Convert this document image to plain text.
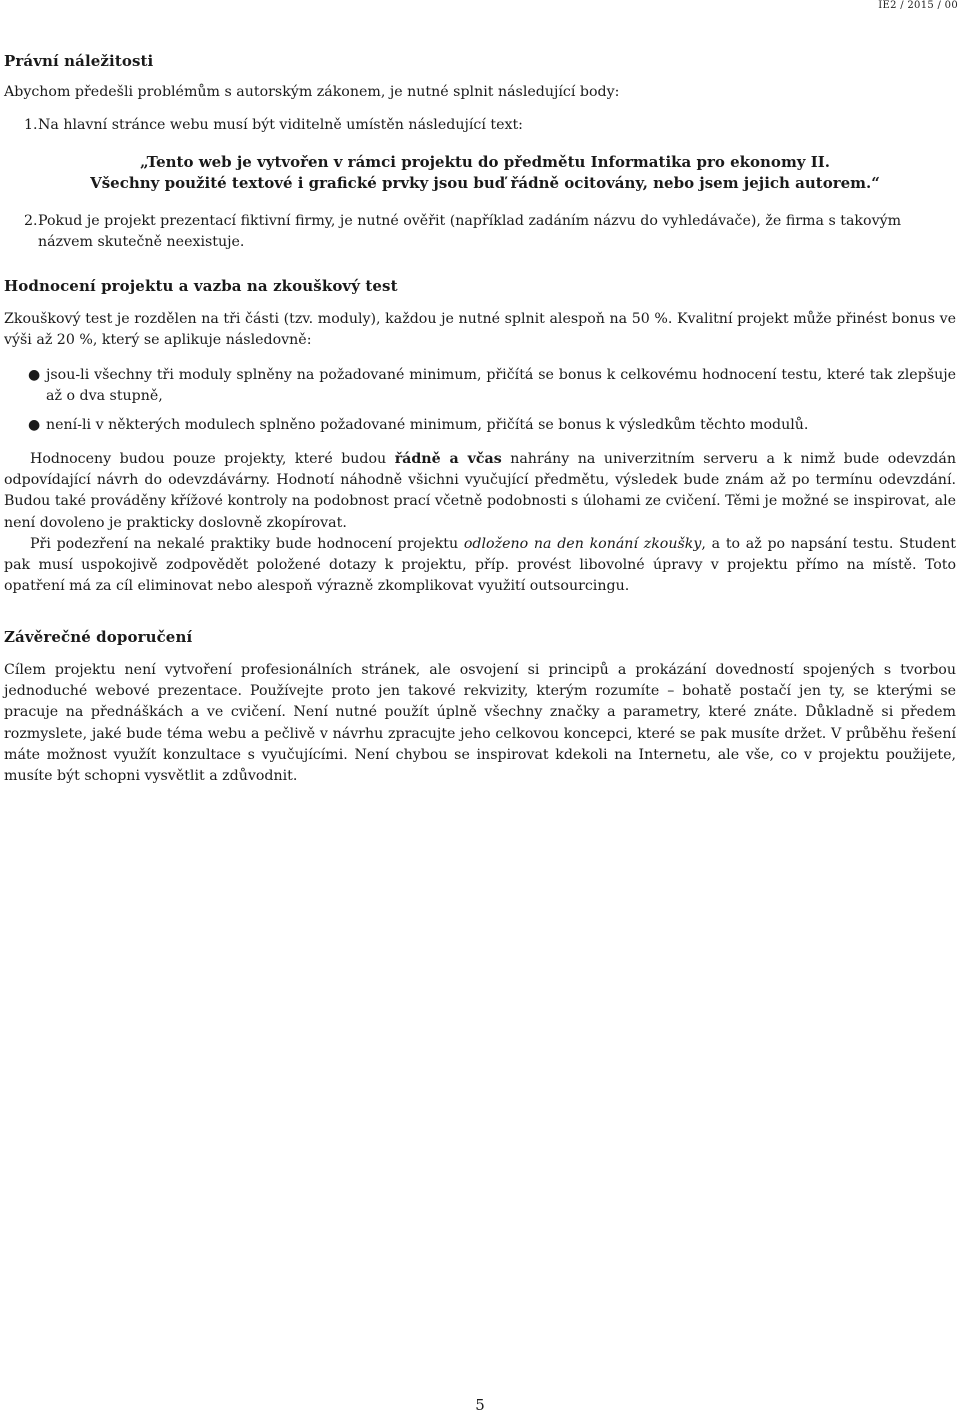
IE2 / 2015 / 00
Právní náležitosti

Abychom předešli problémům s autorským zákonem, je nutné splnit následující body:

1. Na hlavní stránce webu musí být viditelně umístěn následující text:
„Tento web je vytvořen v rámci projektu do předmětu Informatika pro ekonomy II.
Všechny použité textové i grafické prvky jsou buď řádně ocitovány, nebo jsem jejich autorem.“
2. Pokud je projekt prezentací fiktivní firmy, je nutné ověřit (například zadáním názvu do vyhledávače), že firma s takovým názvem skutečně neexistuje.
Hodnocení projektu a vazba na zkouškový test

Zkouškový test je rozdělen na tři části (tzv. moduly), každou je nutné splnit alespoň na 50 %. Kvalitní projekt může přinést bonus ve výši až 20 %, který se aplikuje následovně:

● jsou-li všechny tři moduly splněny na požadované minimum, přičítá se bonus k celkovému hodnocení testu, které tak zlepšuje až o dva stupně,
● není-li v některých modulech splněno požadované minimum, přičítá se bonus k výsledkům těchto modulů.

Hodnoceny budou pouze projekty, které budou řádně a včas nahrány na univerzitním serveru a k nimž bude odevzdán odpovídající návrh do odevzdávárny. Hodnotí náhodně všichni vyučující předmětu, výsledek bude znám až po termínu odevzdání. Budou také prováděny křížové kontroly na podobnost prací včetně podobnosti s úlohami ze cvičení. Těmi je možné se inspirovat, ale není dovoleno je prakticky doslovně zkopírovat.

Při podezření na nekalé praktiky bude hodnocení projektu odloženo na den konání zkoušky, a to až po napsání testu. Student pak musí uspokojivě zodpovědět položené dotazy k projektu, příp. provést libovolné úpravy v projektu přímo na místě. Toto opatření má za cíl eliminovat nebo alespoň výrazně zkomplikovat využití outsourcingu.

Závěrečné doporučení

Cílem projektu není vytvoření profesionálních stránek, ale osvojení si principů a prokázání dovedností spojených s tvorbou jednoduché webové prezentace. Používejte proto jen takové rekvizity, kterým rozumíte – bohatě postačí jen ty, se kterými se pracuje na přednáškách a ve cvičení. Není nutné použít úplně všechny značky a parametry, které znáte. Důkladně si předem rozmyslete, jaké bude téma webu a pečlivě v návrhu zpracujte jeho celkovou koncepci, které se pak musíte držet. V průběhu řešení máte možnost využít konzultace s vyučujícími. Není chybou se inspirovat kdekoli na Internetu, ale vše, co v projektu použijete, musíte být schopni vysvětlit a zdůvodnit.

5
